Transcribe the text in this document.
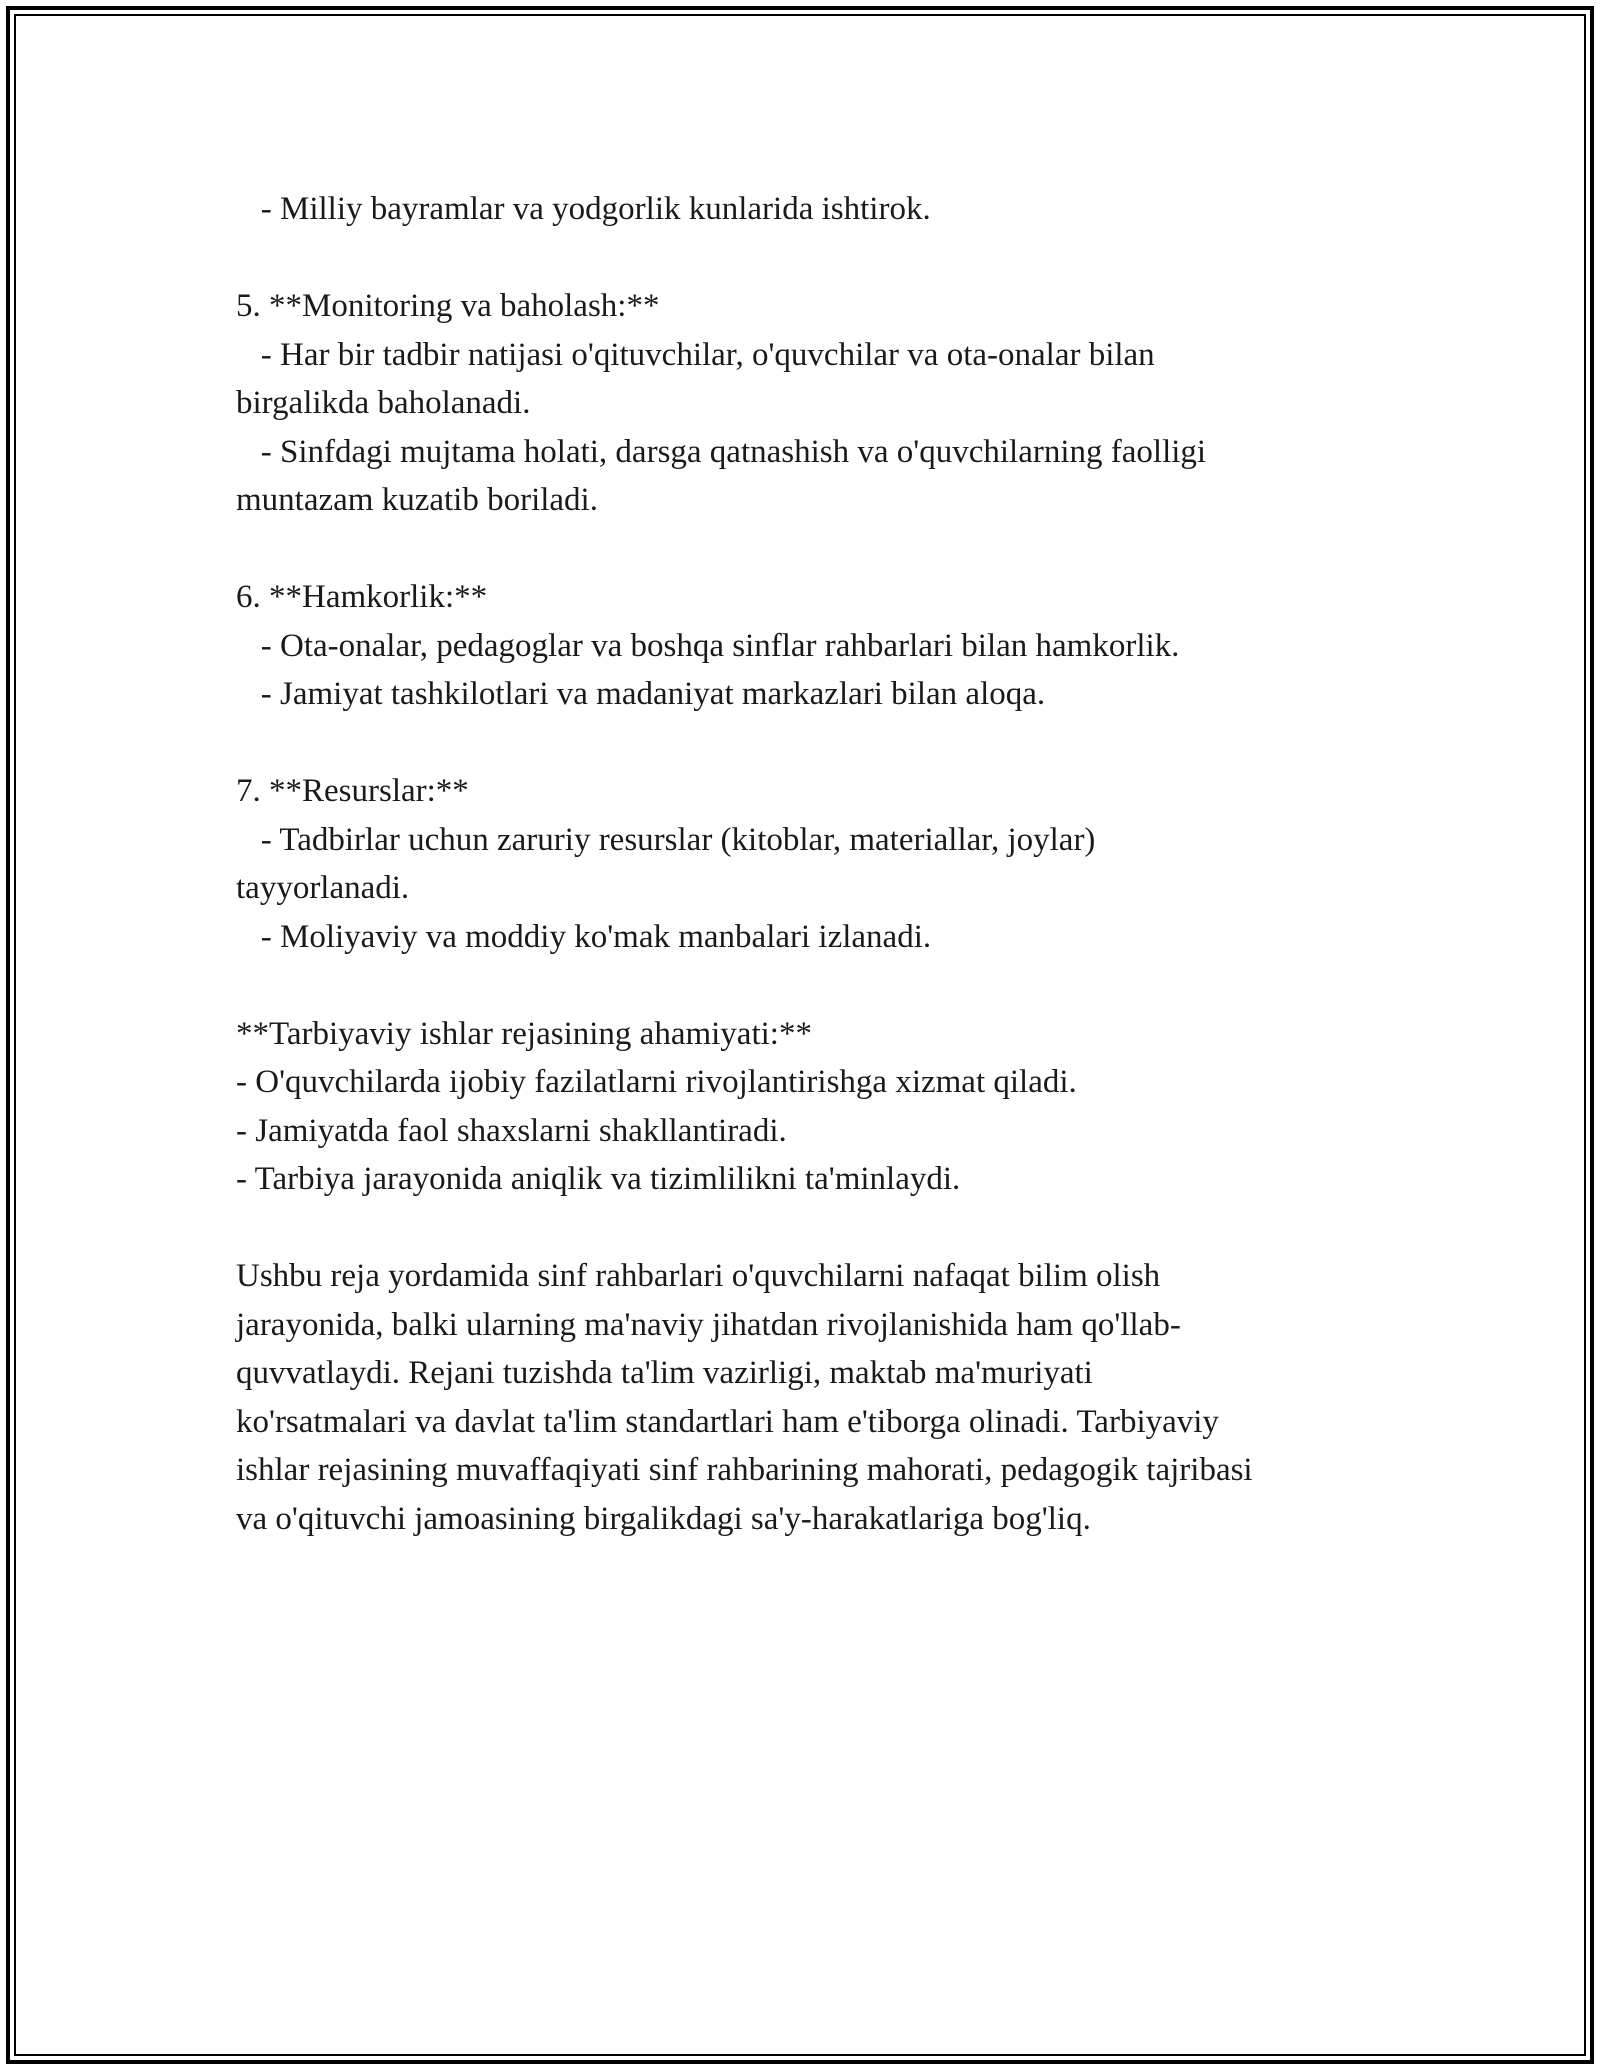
- Milliy bayramlar va yodgorlik kunlarida ishtirok.
5. **Monitoring va baholash:**
- Har bir tadbir natijasi o'qituvchilar, o'quvchilar va ota-onalar bilan
birgalikda baholanadi.
- Sinfdagi mujtama holati, darsga qatnashish va o'quvchilarning faolligi
muntazam kuzatib boriladi.
6. **Hamkorlik:**
- Ota-onalar, pedagoglar va boshqa sinflar rahbarlari bilan hamkorlik.
- Jamiyat tashkilotlari va madaniyat markazlari bilan aloqa.
7. **Resurslar:**
- Tadbirlar uchun zaruriy resurslar (kitoblar, materiallar, joylar)
tayyorlanadi.
- Moliyaviy va moddiy ko'mak manbalari izlanadi.
**Tarbiyaviy ishlar rejasining ahamiyati:**
- O'quvchilarda ijobiy fazilatlarni rivojlantirishga xizmat qiladi.
- Jamiyatda faol shaxslarni shakllantiradi.
- Tarbiya jarayonida aniqlik va tizimlilikni ta'minlaydi.
Ushbu reja yordamida sinf rahbarlari o'quvchilarni nafaqat bilim olish
jarayonida, balki ularning ma'naviy jihatdan rivojlanishida ham qo'llab-
quvvatlaydi. Rejani tuzishda ta'lim vazirligi, maktab ma'muriyati
ko'rsatmalari va davlat ta'lim standartlari ham e'tiborga olinadi. Tarbiyaviy
ishlar rejasining muvaffaqiyati sinf rahbarining mahorati, pedagogik tajribasi
va o'qituvchi jamoasining birgalikdagi sa'y-harakatlariga bog'liq.
